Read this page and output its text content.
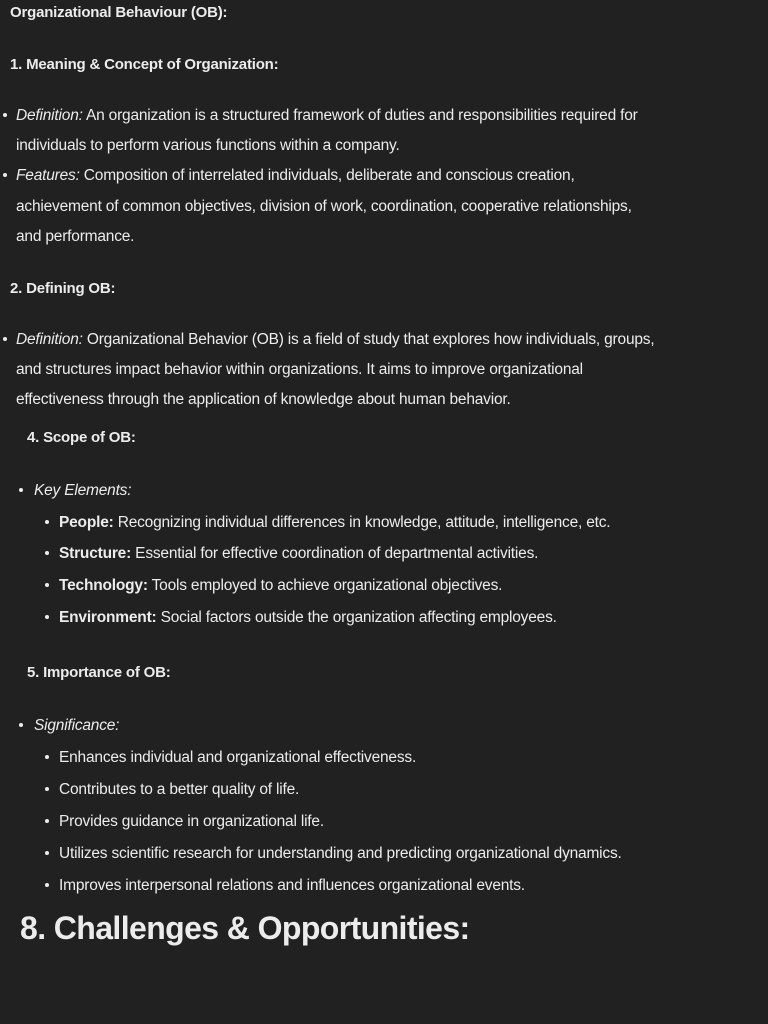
Organizational Behaviour (OB):
1. Meaning & Concept of Organization:
Definition: An organization is a structured framework of duties and responsibilities required for
individuals to perform various functions within a company.
Features: Composition of interrelated individuals, deliberate and conscious creation,
achievement of common objectives, division of work, coordination, cooperative relationships,
and performance.
2. Defining OB:
Definition: Organizational Behavior (OB) is a field of study that explores how individuals, groups,
and structures impact behavior within organizations. It aims to improve organizational
effectiveness through the application of knowledge about human behavior.
4. Scope of OB:
Key Elements:
People: Recognizing individual differences in knowledge, attitude, intelligence, etc.
Structure: Essential for effective coordination of departmental activities.
Technology: Tools employed to achieve organizational objectives.
Environment: Social factors outside the organization affecting employees.
5. Importance of OB:
Significance:
Enhances individual and organizational effectiveness.
Contributes to a better quality of life.
Provides guidance in organizational life.
Utilizes scientific research for understanding and predicting organizational dynamics.
Improves interpersonal relations and influences organizational events.
8. Challenges & Opportunities:
